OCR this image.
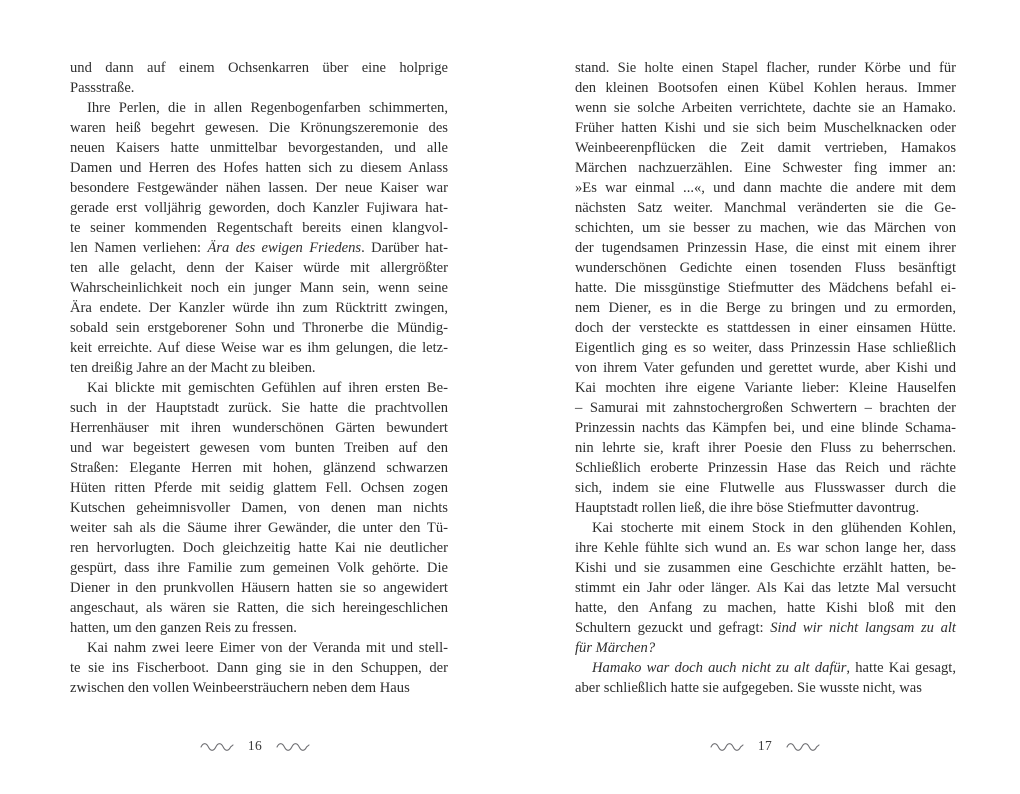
und dann auf einem Ochsenkarren über eine holprige
Passstraße.
Ihre Perlen, die in allen Regenbogenfarben schimmerten,
waren heiß begehrt gewesen. Die Krönungszeremonie des
neuen Kaisers hatte unmittelbar bevorgestanden, und alle
Damen und Herren des Hofes hatten sich zu diesem Anlass
besondere Festgewänder nähen lassen. Der neue Kaiser war
gerade erst volljährig geworden, doch Kanzler Fujiwara hat-
te seiner kommenden Regentschaft bereits einen klangvol-
len Namen verliehen: Ära des ewigen Friedens. Darüber hat-
ten alle gelacht, denn der Kaiser würde mit allergrößter
Wahrscheinlichkeit noch ein junger Mann sein, wenn seine
Ära endete. Der Kanzler würde ihn zum Rücktritt zwingen,
sobald sein erstgeborener Sohn und Thronerbe die Mündig-
keit erreichte. Auf diese Weise war es ihm gelungen, die letz-
ten dreißig Jahre an der Macht zu bleiben.
Kai blickte mit gemischten Gefühlen auf ihren ersten Be-
such in der Hauptstadt zurück. Sie hatte die prachtvollen
Herrenhäuser mit ihren wunderschönen Gärten bewundert
und war begeistert gewesen vom bunten Treiben auf den
Straßen: Elegante Herren mit hohen, glänzend schwarzen
Hüten ritten Pferde mit seidig glattem Fell. Ochsen zogen
Kutschen geheimnisvoller Damen, von denen man nichts
weiter sah als die Säume ihrer Gewänder, die unter den Tü-
ren hervorlugten. Doch gleichzeitig hatte Kai nie deutlicher
gespürt, dass ihre Familie zum gemeinen Volk gehörte. Die
Diener in den prunkvollen Häusern hatten sie so angewidert
angeschaut, als wären sie Ratten, die sich hereingeschlichen
hatten, um den ganzen Reis zu fressen.
Kai nahm zwei leere Eimer von der Veranda mit und stell-
te sie ins Fischerboot. Dann ging sie in den Schuppen, der
zwischen den vollen Weinbeersträuchern neben dem Haus
16
stand. Sie holte einen Stapel flacher, runder Körbe und für
den kleinen Bootsofen einen Kübel Kohlen heraus. Immer
wenn sie solche Arbeiten verrichtete, dachte sie an Hamako.
Früher hatten Kishi und sie sich beim Muschelknacken oder
Weinbeerenpflücken die Zeit damit vertrieben, Hamakos
Märchen nachzuerzählen. Eine Schwester fing immer an:
»Es war einmal ...«, und dann machte die andere mit dem
nächsten Satz weiter. Manchmal veränderten sie die Ge-
schichten, um sie besser zu machen, wie das Märchen von
der tugendsamen Prinzessin Hase, die einst mit einem ihrer
wunderschönen Gedichte einen tosenden Fluss besänftigt
hatte. Die missgünstige Stiefmutter des Mädchens befahl ei-
nem Diener, es in die Berge zu bringen und zu ermorden,
doch der versteckte es stattdessen in einer einsamen Hütte.
Eigentlich ging es so weiter, dass Prinzessin Hase schließlich
von ihrem Vater gefunden und gerettet wurde, aber Kishi und
Kai mochten ihre eigene Variante lieber: Kleine Hauselfen
– Samurai mit zahnstochergroßen Schwertern – brachten der
Prinzessin nachts das Kämpfen bei, und eine blinde Schama-
nin lehrte sie, kraft ihrer Poesie den Fluss zu beherrschen.
Schließlich eroberte Prinzessin Hase das Reich und rächte
sich, indem sie eine Flutwelle aus Flusswasser durch die
Hauptstadt rollen ließ, die ihre böse Stiefmutter davontrug.
Kai stocherte mit einem Stock in den glühenden Kohlen,
ihre Kehle fühlte sich wund an. Es war schon lange her, dass
Kishi und sie zusammen eine Geschichte erzählt hatten, be-
stimmt ein Jahr oder länger. Als Kai das letzte Mal versucht
hatte, den Anfang zu machen, hatte Kishi bloß mit den
Schultern gezuckt und gefragt: Sind wir nicht langsam zu alt
für Märchen?
Hamako war doch auch nicht zu alt dafür, hatte Kai gesagt,
aber schließlich hatte sie aufgegeben. Sie wusste nicht, was
17
